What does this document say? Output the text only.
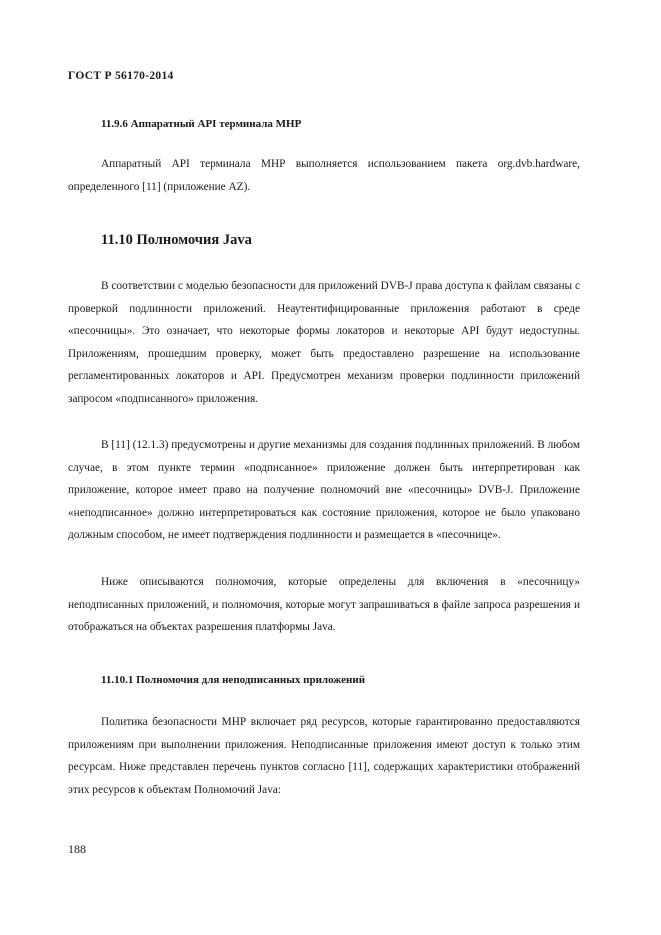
ГОСТ Р 56170-2014
11.9.6 Аппаратный API терминала МНР
Аппаратный API терминала МНР выполняется использованием пакета org.dvb.hardware, определенного [11] (приложение AZ).
11.10 Полномочия Java
В соответствии с моделью безопасности для приложений DVB-J права доступа к файлам связаны с проверкой подлинности приложений. Неаутентифицированные приложения работают в среде «песочницы». Это означает, что некоторые формы локаторов и некоторые API будут недоступны. Приложениям, прошедшим проверку, может быть предоставлено разрешение на использование регламентированных локаторов и API. Предусмотрен механизм проверки подлинности приложений запросом «подписанного» приложения.
В [11] (12.1.3) предусмотрены и другие механизмы для создания подлинных приложений. В любом случае, в этом пункте термин «подписанное» приложение должен быть интерпретирован как приложение, которое имеет право на получение полномочий вне «песочницы» DVB-J. Приложение «неподписанное» должно интерпретироваться как состояние приложения, которое не было упаковано должным способом, не имеет подтверждения подлинности и размещается в «песочнице».
Ниже описываются полномочия, которые определены для включения в «песочницу» неподписанных приложений, и полномочия, которые могут запрашиваться в файле запроса разрешения и отображаться на объектах разрешения платформы Java.
11.10.1 Полномочия для неподписанных приложений
Политика безопасности МНР включает ряд ресурсов, которые гарантированно предоставляются приложениям при выполнении приложения. Неподписанные приложения имеют доступ к только этим ресурсам. Ниже представлен перечень пунктов согласно [11], содержащих характеристики отображений этих ресурсов к объектам Полномочий Java:
188
